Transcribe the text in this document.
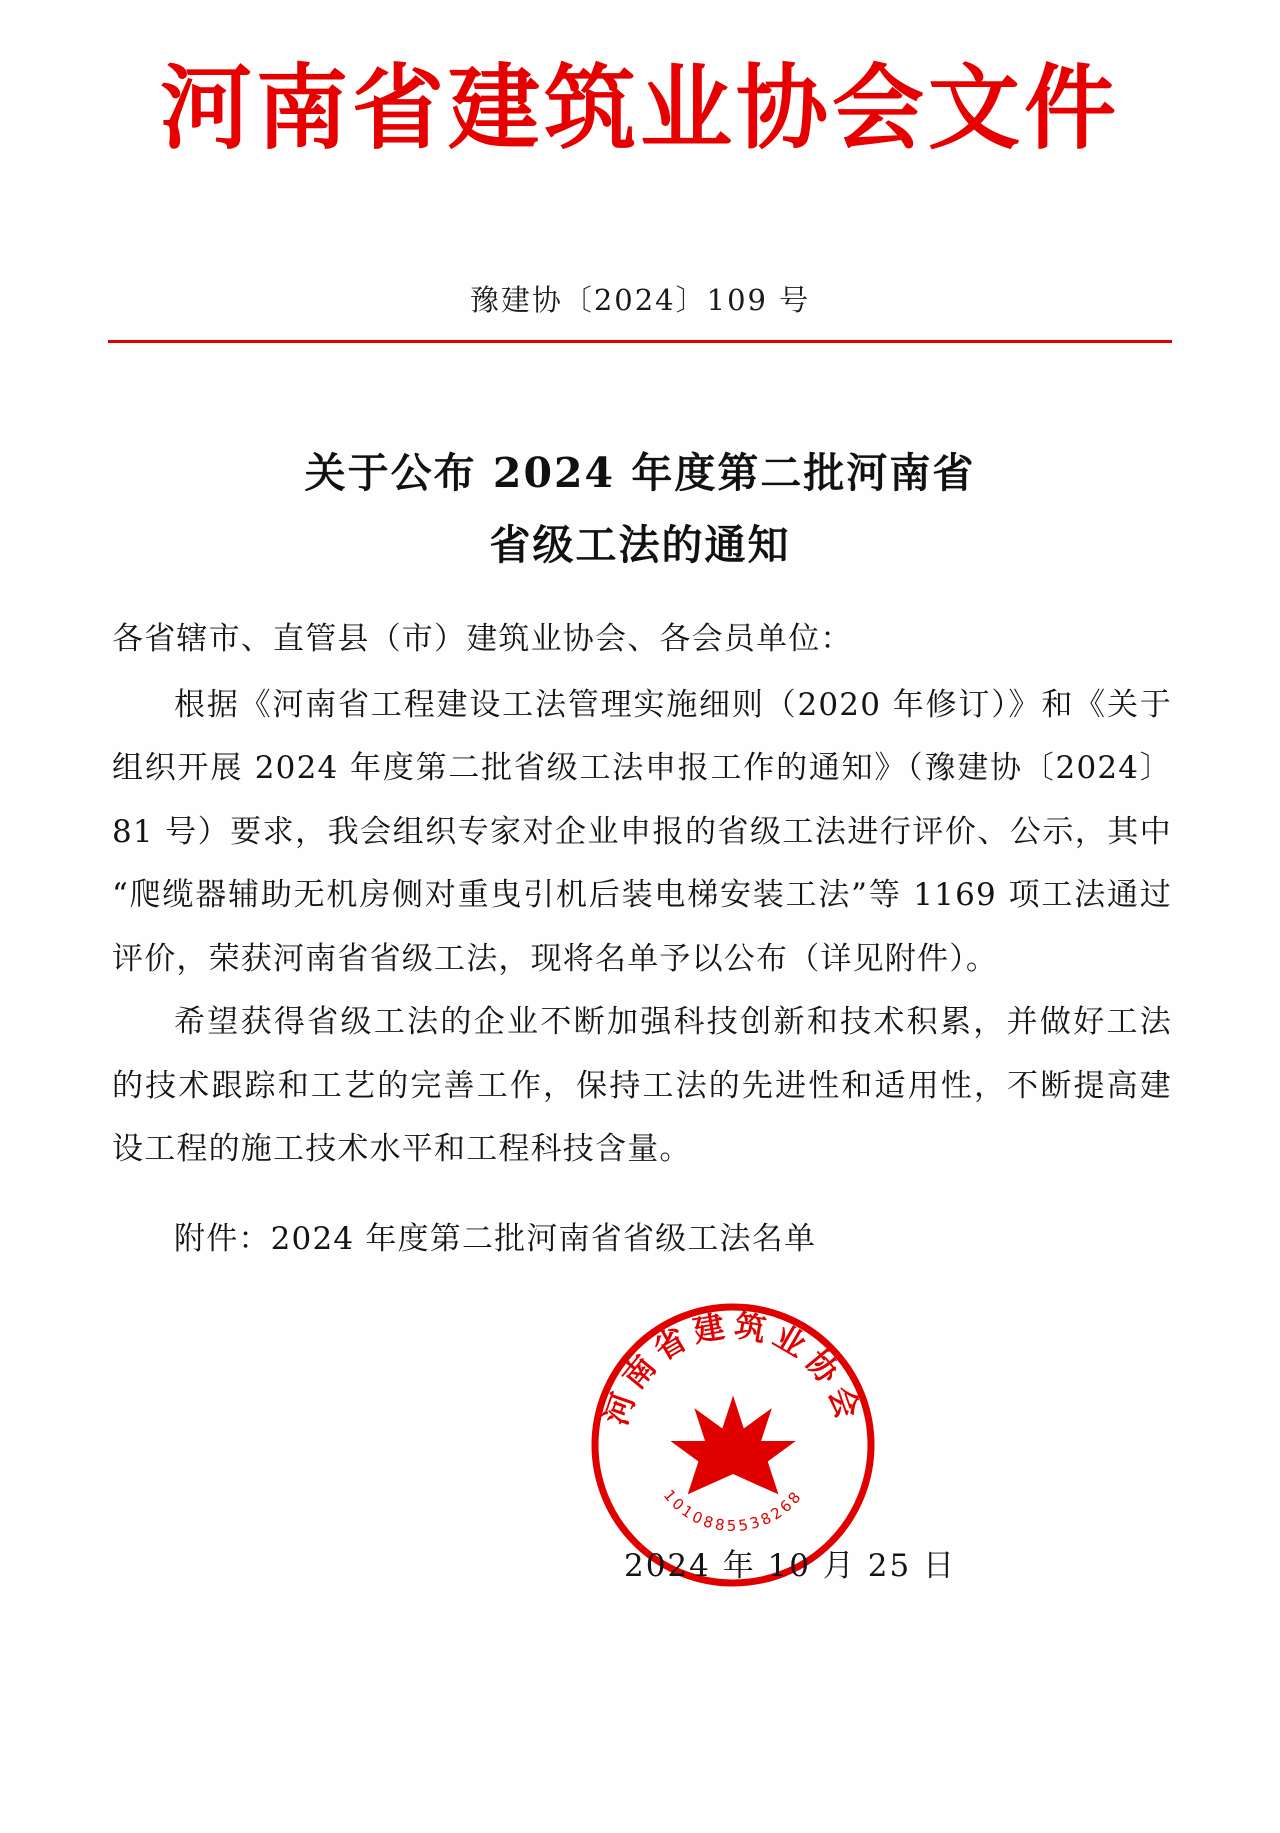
河南省建筑业协会文件
豫建协〔2024〕109 号
关于公布 2024 年度第二批河南省
省级工法的通知

各省辖市、直管县（市）建筑业协会、各会员单位：

根据《河南省工程建设工法管理实施细则（2020 年修订）》和《关于组织开展 2024 年度第二批省级工法申报工作的通知》（豫建协〔2024〕81 号）要求，我会组织专家对企业申报的省级工法进行评价、公示，其中“爬缆器辅助无机房侧对重曳引机后装电梯安装工法”等 1169 项工法通过评价，荣获河南省省级工法，现将名单予以公布（详见附件）。

希望获得省级工法的企业不断加强科技创新和技术积累，并做好工法的技术跟踪和工艺的完善工作，保持工法的先进性和适用性，不断提高建设工程的施工技术水平和工程科技含量。

附件：2024 年度第二批河南省省级工法名单

河南省建筑业协会
1010885538268
2024 年 10 月 25 日
